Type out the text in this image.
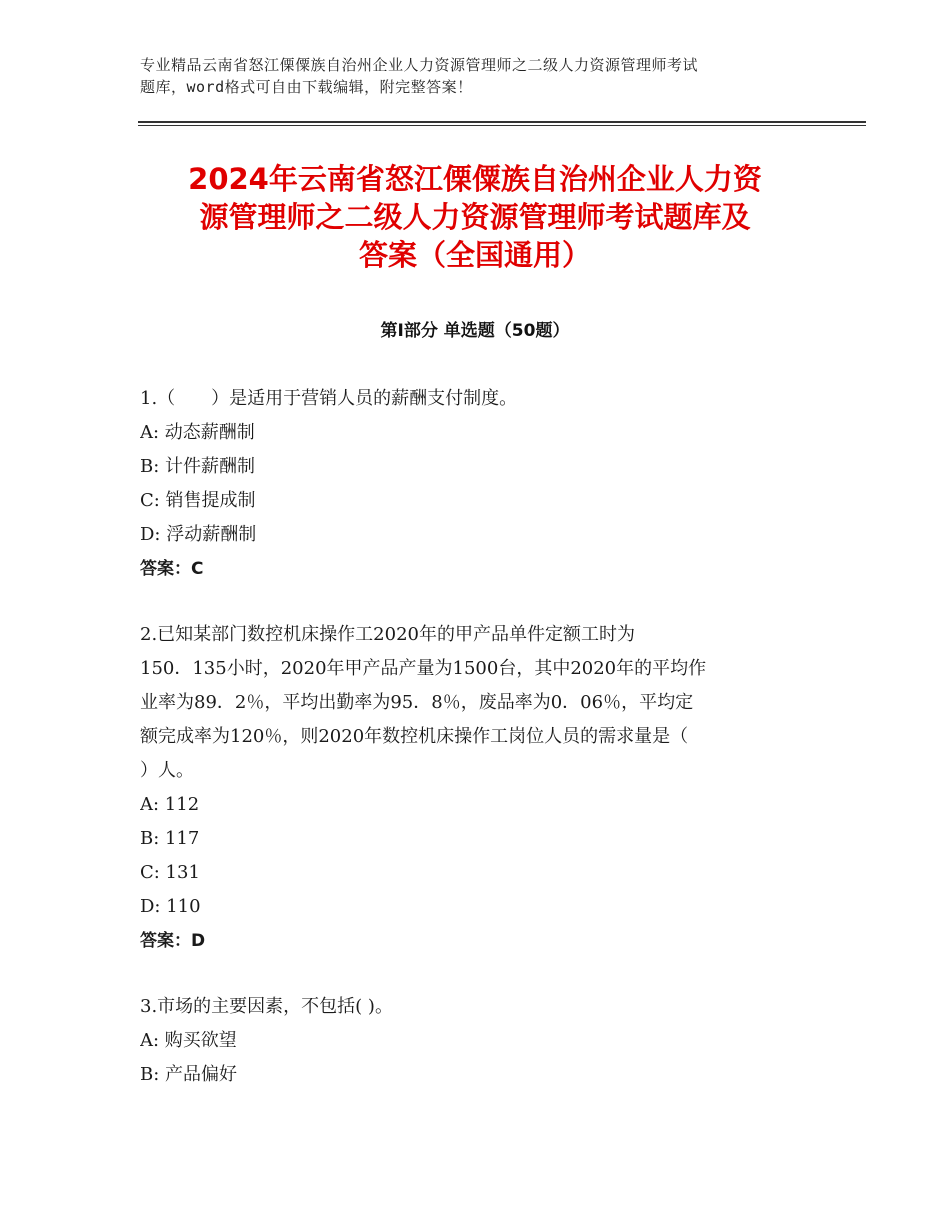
专业精品云南省怒江傈僳族自治州企业人力资源管理师之二级人力资源管理师考试
题库，word格式可自由下载编辑，附完整答案！
2024年云南省怒江傈僳族自治州企业人力资
源管理师之二级人力资源管理师考试题库及
答案（全国通用）
第Ⅰ部分 单选题（50题）
1.（　　）是适用于营销人员的薪酬支付制度。
A: 动态薪酬制
B: 计件薪酬制
C: 销售提成制
D: 浮动薪酬制
答案：C
2.已知某部门数控机床操作工2020年的甲产品单件定额工时为
150．135小时，2020年甲产品产量为1500台，其中2020年的平均作
业率为89．2％，平均出勤率为95．8％，废品率为0．06％，平均定
额完成率为120％，则2020年数控机床操作工岗位人员的需求量是（
）人。
A: 112
B: 117
C: 131
D: 110
答案：D
3.市场的主要因素，不包括( )。
A: 购买欲望
B: 产品偏好
